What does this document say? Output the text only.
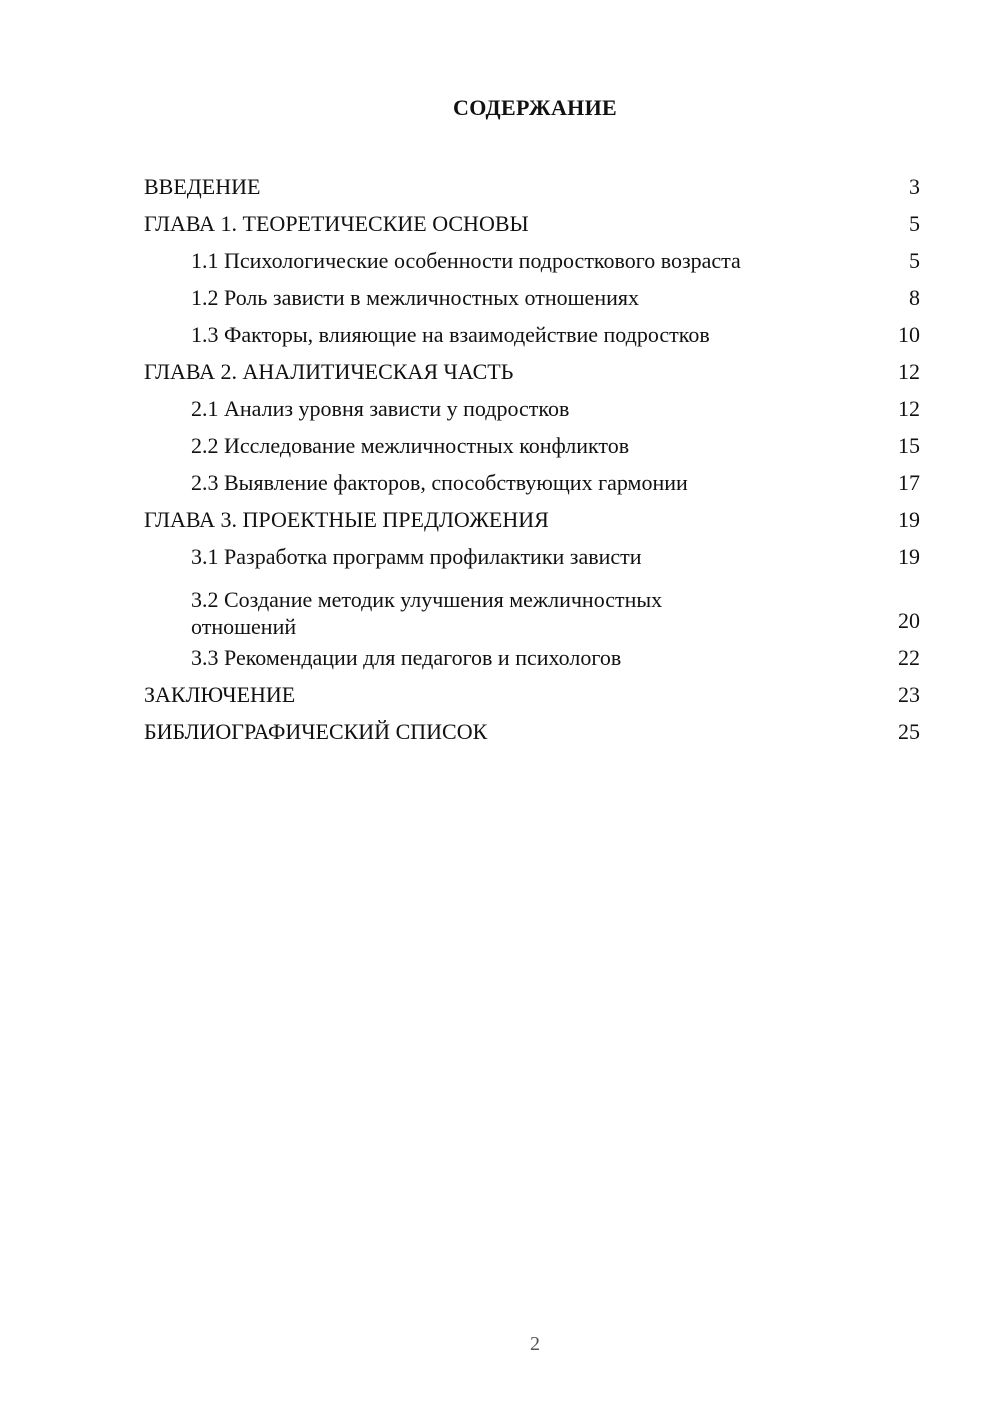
СОДЕРЖАНИЕ
ВВЕДЕНИЕ	3
ГЛАВА 1. ТЕОРЕТИЧЕСКИЕ ОСНОВЫ	5
1.1 Психологические особенности подросткового возраста	5
1.2 Роль зависти в межличностных отношениях	8
1.3 Факторы, влияющие на взаимодействие подростков	10
ГЛАВА 2. АНАЛИТИЧЕСКАЯ ЧАСТЬ	12
2.1 Анализ уровня зависти у подростков	12
2.2 Исследование межличностных конфликтов	15
2.3 Выявление факторов, способствующих гармонии	17
ГЛАВА 3. ПРОЕКТНЫЕ ПРЕДЛОЖЕНИЯ	19
3.1 Разработка программ профилактики зависти	19
3.2 Создание методик улучшения межличностных отношений	20
3.3 Рекомендации для педагогов и психологов	22
ЗАКЛЮЧЕНИЕ	23
БИБЛИОГРАФИЧЕСКИЙ СПИСОК	25
2
